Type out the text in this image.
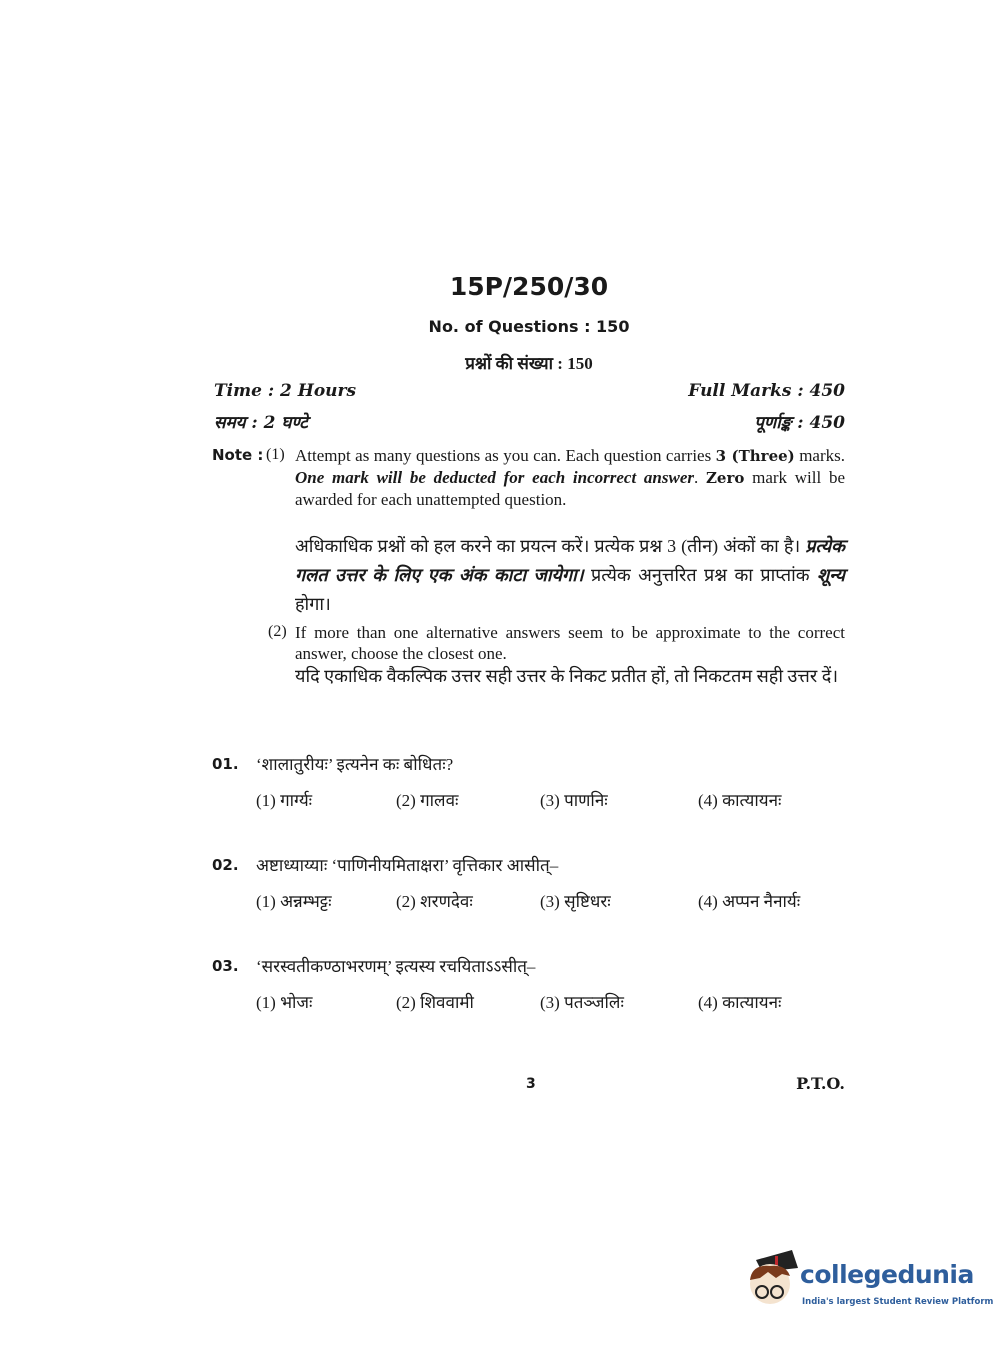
15P/250/30
No. of Questions : 150
प्रश्नों की संख्या : 150
Time : 2 Hours
समय : 2 घण्टे
Full Marks : 450
पूर्णाङ्क : 450
Note : (1) Attempt as many questions as you can. Each question carries 3 (Three) marks. One mark will be deducted for each incorrect answer. Zero mark will be awarded for each unattempted question.
अधिकाधिक प्रश्नों को हल करने का प्रयत्न करें। प्रत्येक प्रश्न 3 (तीन) अंकों का है। प्रत्येक गलत उत्तर के लिए एक अंक काटा जायेगा। प्रत्येक अनुत्तरित प्रश्न का प्राप्तांक शून्य होगा।
(2) If more than one alternative answers seem to be approximate to the correct answer, choose the closest one.
यदि एकाधिक वैकल्पिक उत्तर सही उत्तर के निकट प्रतीत हों, तो निकटतम सही उत्तर दें।
01. ‘शालातुरीयः’ इत्यनेन कः बोधितः?
(1) गार्ग्यः	(2) गालवः	(3) पाणनिः	(4) कात्यायनः
02. अष्टाध्याय्याः ‘पाणिनीयमिताक्षरा’ वृत्तिकार आसीत्–
(1) अन्नम्भट्टः	(2) शरणदेवः	(3) सृष्टिधरः	(4) अप्पन नैनार्यः
03. ‘सरस्वतीकण्ठाभरणम्’ इत्यस्य रचयिताऽऽसीत्–
(1) भोजः	(2) शिववामी	(3) पतञ्जलिः	(4) कात्यायनः
3	P.T.O.
collegedunia
India's largest Student Review Platform
